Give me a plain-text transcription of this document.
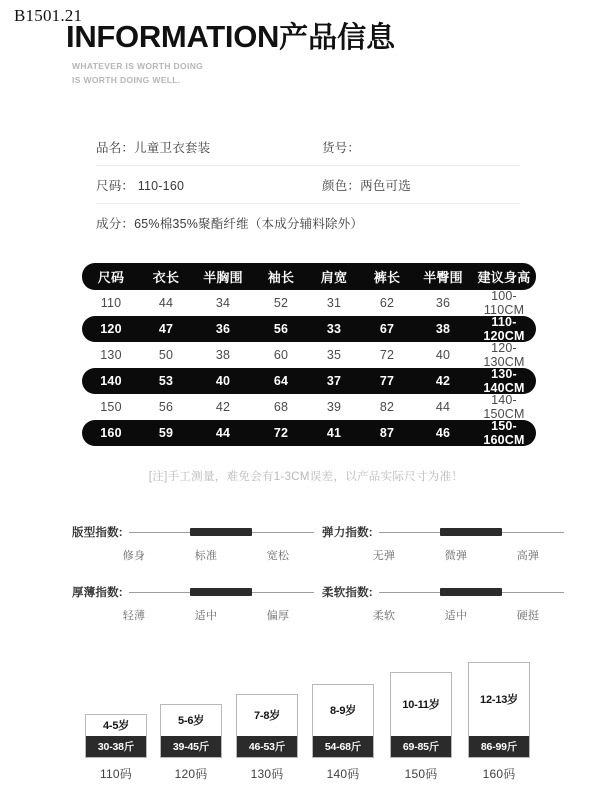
B1501.21
INFORMATION产品信息
WHATEVER IS WORTH DOING
IS WORTH DOING WELL.
品名：儿童卫衣套装	货号：
尺码： 110-160	颜色：两色可选
成分：65%棉35%聚酯纤维（本成分辅料除外）
尺码	衣长	半胸围	袖长	肩宽	裤长	半臀围	建议身高
110	44	34	52	31	62	36	100-110CM
120	47	36	56	33	67	38	110-120CM
130	50	38	60	35	72	40	120-130CM
140	53	40	64	37	77	42	130-140CM
150	56	42	68	39	82	44	140-150CM
160	59	44	72	41	87	46	150-160CM
[注]手工测量，难免会有1-3CM误差，以产品实际尺寸为准！
版型指数:
修身	标准	宽松
弹力指数:
无弹	微弹	高弹
厚薄指数:
轻薄	适中	偏厚
柔软指数:
柔软	适中	硬挺
4-5岁
30-38斤
110码
5-6岁
39-45斤
120码
7-8岁
46-53斤
130码
8-9岁
54-68斤
140码
10-11岁
69-85斤
150码
12-13岁
86-99斤
160码
